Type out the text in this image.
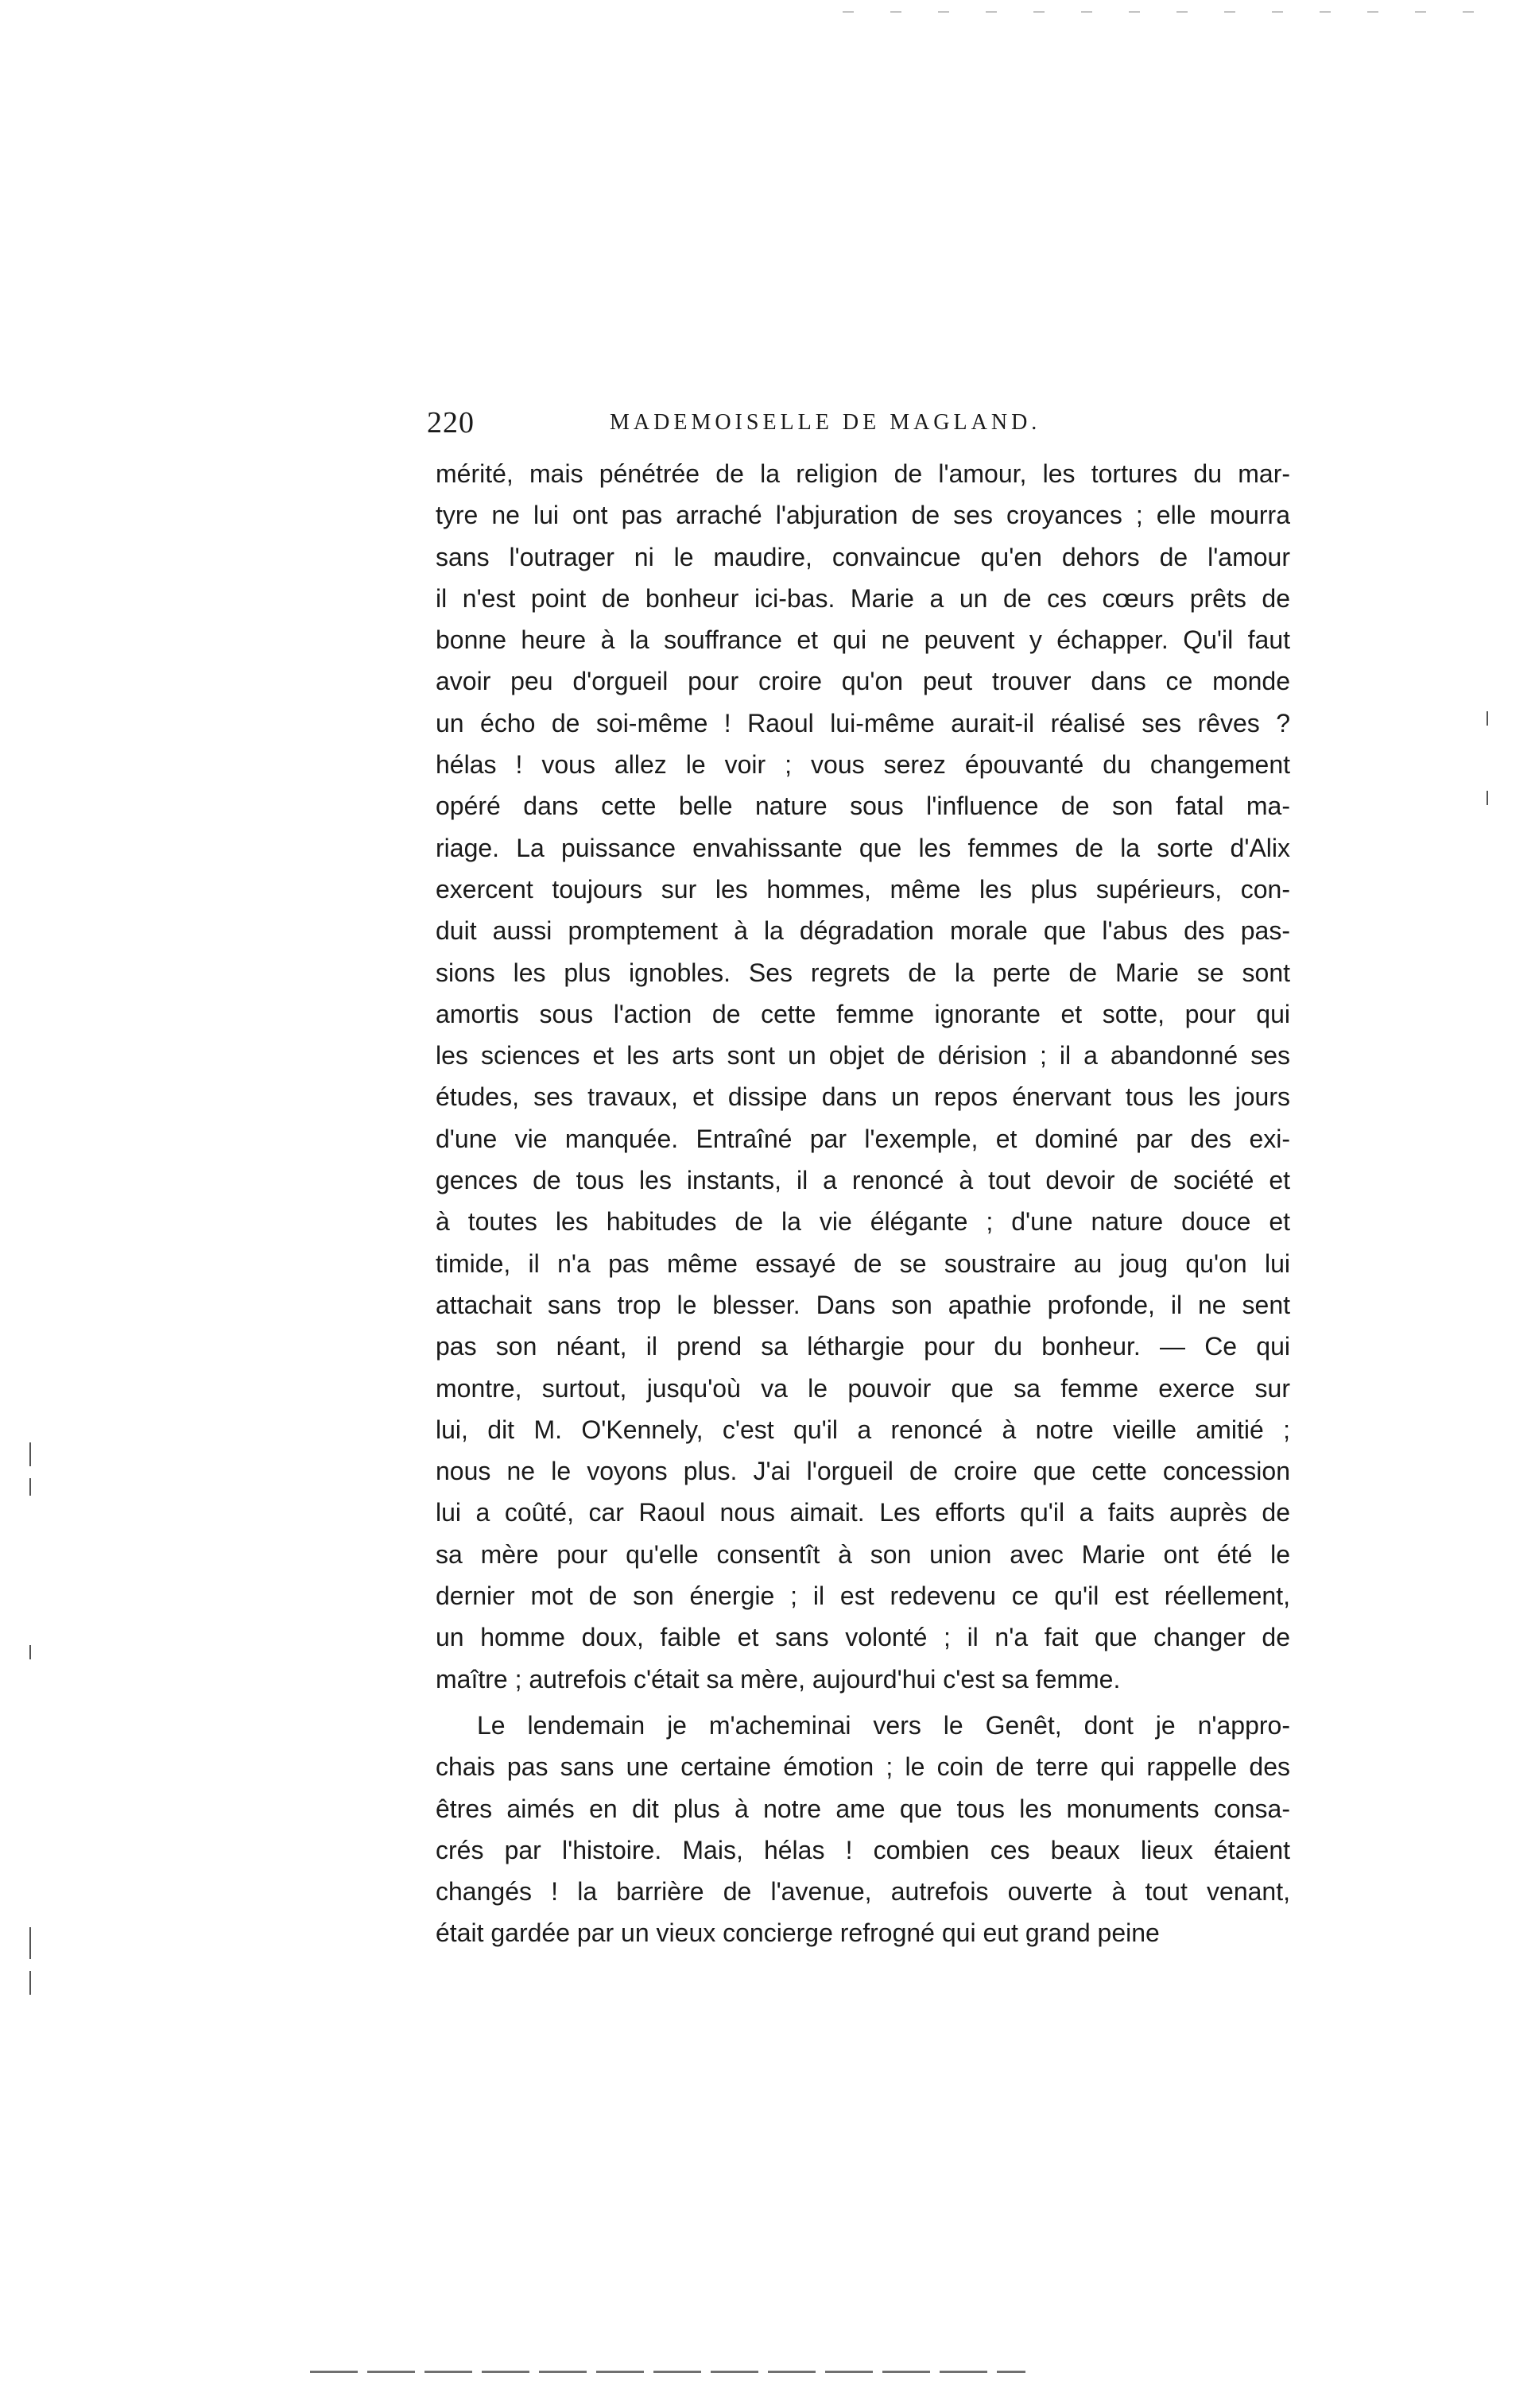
220	MADEMOISELLE DE MAGLAND.
mérité, mais pénétrée de la religion de l'amour, les tortures du mar-
tyre ne lui ont pas arraché l'abjuration de ses croyances ; elle mourra
sans l'outrager ni le maudire, convaincue qu'en dehors de l'amour
il n'est point de bonheur ici-bas. Marie a un de ces cœurs prêts de
bonne heure à la souffrance et qui ne peuvent y échapper. Qu'il faut
avoir peu d'orgueil pour croire qu'on peut trouver dans ce monde
un écho de soi-même ! Raoul lui-même aurait-il réalisé ses rêves ?
hélas ! vous allez le voir ; vous serez épouvanté du changement
opéré dans cette belle nature sous l'influence de son fatal ma-
riage. La puissance envahissante que les femmes de la sorte d'Alix
exercent toujours sur les hommes, même les plus supérieurs, con-
duit aussi promptement à la dégradation morale que l'abus des pas-
sions les plus ignobles. Ses regrets de la perte de Marie se sont
amortis sous l'action de cette femme ignorante et sotte, pour qui
les sciences et les arts sont un objet de dérision ; il a abandonné ses
études, ses travaux, et dissipe dans un repos énervant tous les jours
d'une vie manquée. Entraîné par l'exemple, et dominé par des exi-
gences de tous les instants, il a renoncé à tout devoir de société et
à toutes les habitudes de la vie élégante ; d'une nature douce et
timide, il n'a pas même essayé de se soustraire au joug qu'on lui
attachait sans trop le blesser. Dans son apathie profonde, il ne sent
pas son néant, il prend sa léthargie pour du bonheur. — Ce qui
montre, surtout, jusqu'où va le pouvoir que sa femme exerce sur
lui, dit M. O'Kennely, c'est qu'il a renoncé à notre vieille amitié ;
nous ne le voyons plus. J'ai l'orgueil de croire que cette concession
lui a coûté, car Raoul nous aimait. Les efforts qu'il a faits auprès de
sa mère pour qu'elle consentît à son union avec Marie ont été le
dernier mot de son énergie ; il est redevenu ce qu'il est réellement,
un homme doux, faible et sans volonté ; il n'a fait que changer de
maître ; autrefois c'était sa mère, aujourd'hui c'est sa femme.
Le lendemain je m'acheminai vers le Genêt, dont je n'appro-
chais pas sans une certaine émotion ; le coin de terre qui rappelle des
êtres aimés en dit plus à notre ame que tous les monuments consa-
crés par l'histoire. Mais, hélas ! combien ces beaux lieux étaient
changés ! la barrière de l'avenue, autrefois ouverte à tout venant,
était gardée par un vieux concierge refrogné qui eut grand peine
